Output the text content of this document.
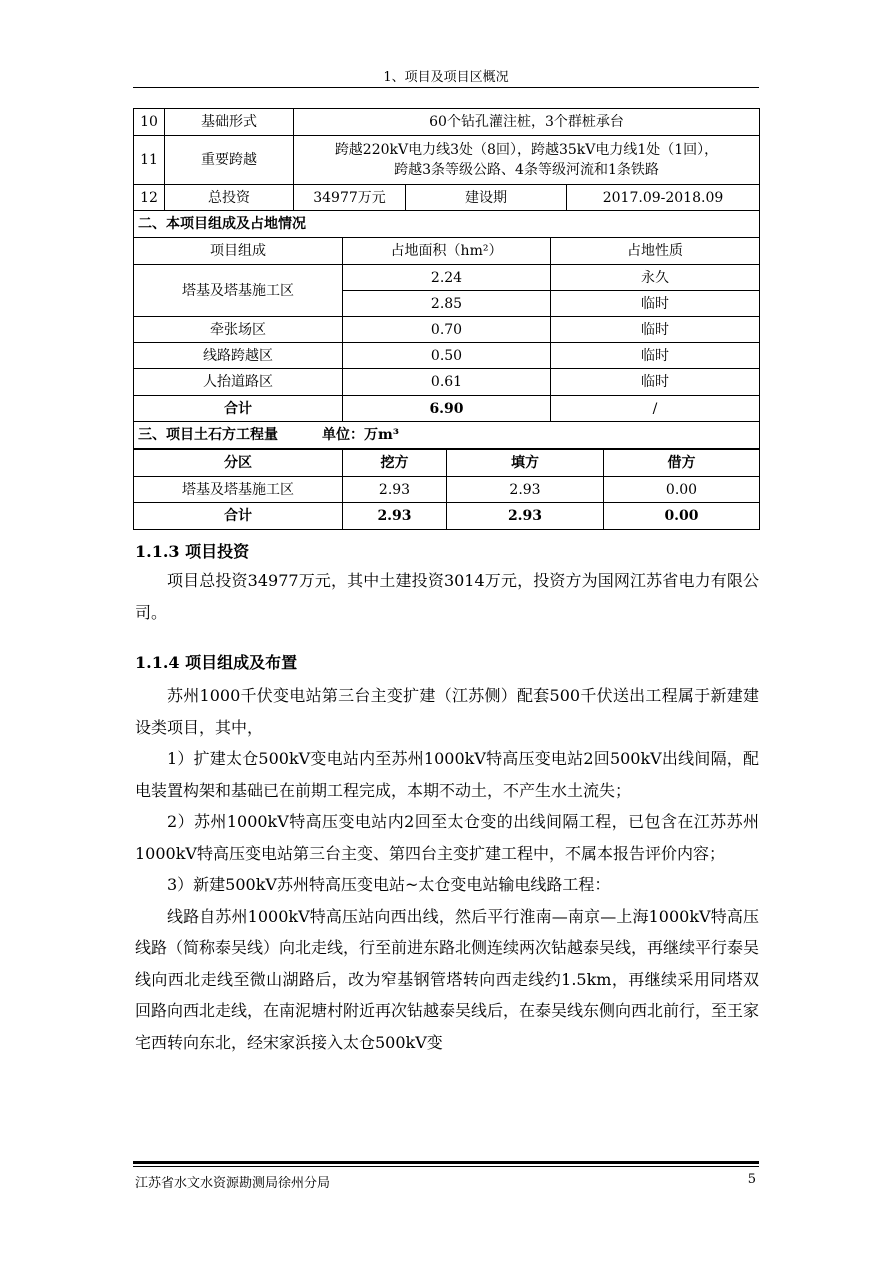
1、项目及项目区概况
10	基础形式	60个钻孔灌注桩，3个群桩承台		
11	重要跨越	跨越220kV电力线3处（8回），跨越35kV电力线1处（1回），
跨越3条等级公路、4条等级河流和1条铁路		

12	总投资	34977万元	建设期	2017.09-2018.09
二、本项目组成及占地情况				
项目组成	占地面积（hm²）	占地性质
塔基及塔基施工区	2.24	永久
	2.85	临时
牵张场区	0.70	临时
线路跨越区	0.50	临时
人抬道路区	0.61	临时
合计	6.90	/
三、项目土石方工程量 单位：万m³		
分区	挖方	填方	借方
塔基及塔基施工区	2.93	2.93	0.00
合计	2.93	2.93	0.00
1.1.3 项目投资

项目总投资34977万元，其中土建投资3014万元，投资方为国网江苏省电力有限公司。

1.1.4 项目组成及布置

苏州1000千伏变电站第三台主变扩建（江苏侧）配套500千伏送出工程属于新建建设类项目，其中，

1）扩建太仓500kV变电站内至苏州1000kV特高压变电站2回500kV出线间隔，配电装置构架和基础已在前期工程完成，本期不动土，不产生水土流失；

2）苏州1000kV特高压变电站内2回至太仓变的出线间隔工程，已包含在江苏苏州1000kV特高压变电站第三台主变、第四台主变扩建工程中，不属本报告评价内容；

3）新建500kV苏州特高压变电站~太仓变电站输电线路工程：

线路自苏州1000kV特高压站向西出线，然后平行淮南—南京—上海1000kV特高压线路（简称泰吴线）向北走线，行至前进东路北侧连续两次钻越泰吴线，再继续平行泰吴线向西北走线至微山湖路后，改为窄基钢管塔转向西走线约1.5km，再继续采用同塔双回路向西北走线，在南泥塘村附近再次钻越泰吴线后，在泰吴线东侧向西北前行，至王家宅西转向东北，经宋家浜接入太仓500kV变

江苏省水文水资源勘测局徐州分局	5
